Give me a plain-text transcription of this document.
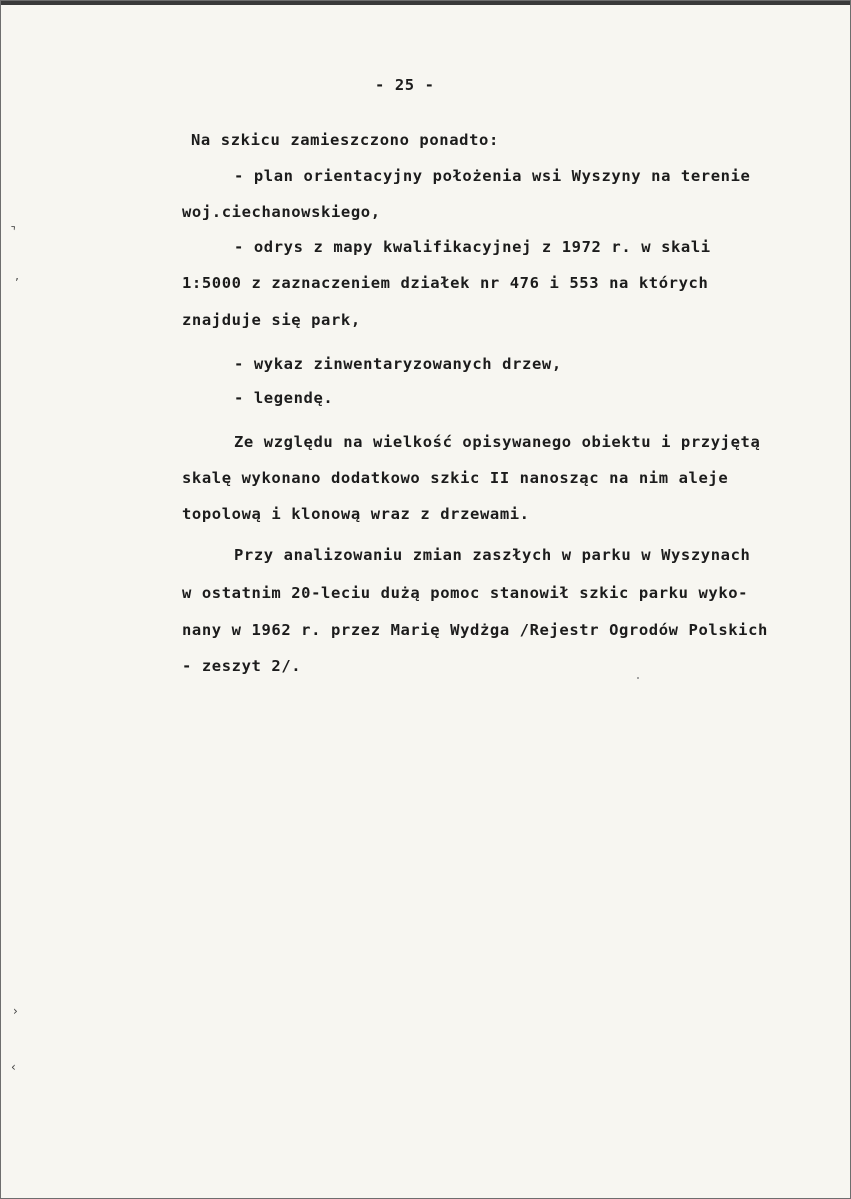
- 25 -

Na szkicu zamieszczono ponadto:

- plan orientacyjny położenia wsi Wyszyny na terenie

woj.ciechanowskiego,

- odrys z mapy kwalifikacyjnej z 1972 r. w skali

1:5000 z zaznaczeniem działek nr 476 i 553 na których

znajduje się park,

- wykaz zinwentaryzowanych drzew,

- legendę.

Ze względu na wielkość opisywanego obiektu i przyjętą

skalę wykonano dodatkowo szkic II nanosząc na nim aleje

topolową i klonową wraz z drzewami.

Przy analizowaniu zmian zaszłych w parku w Wyszynach

w ostatnim 20-leciu dużą pomoc stanowił szkic parku wyko-

nany w 1962 r. przez Marię Wydżga /Rejestr Ogrodów Polskich

- zeszyt 2/.

›
’
›
‹
